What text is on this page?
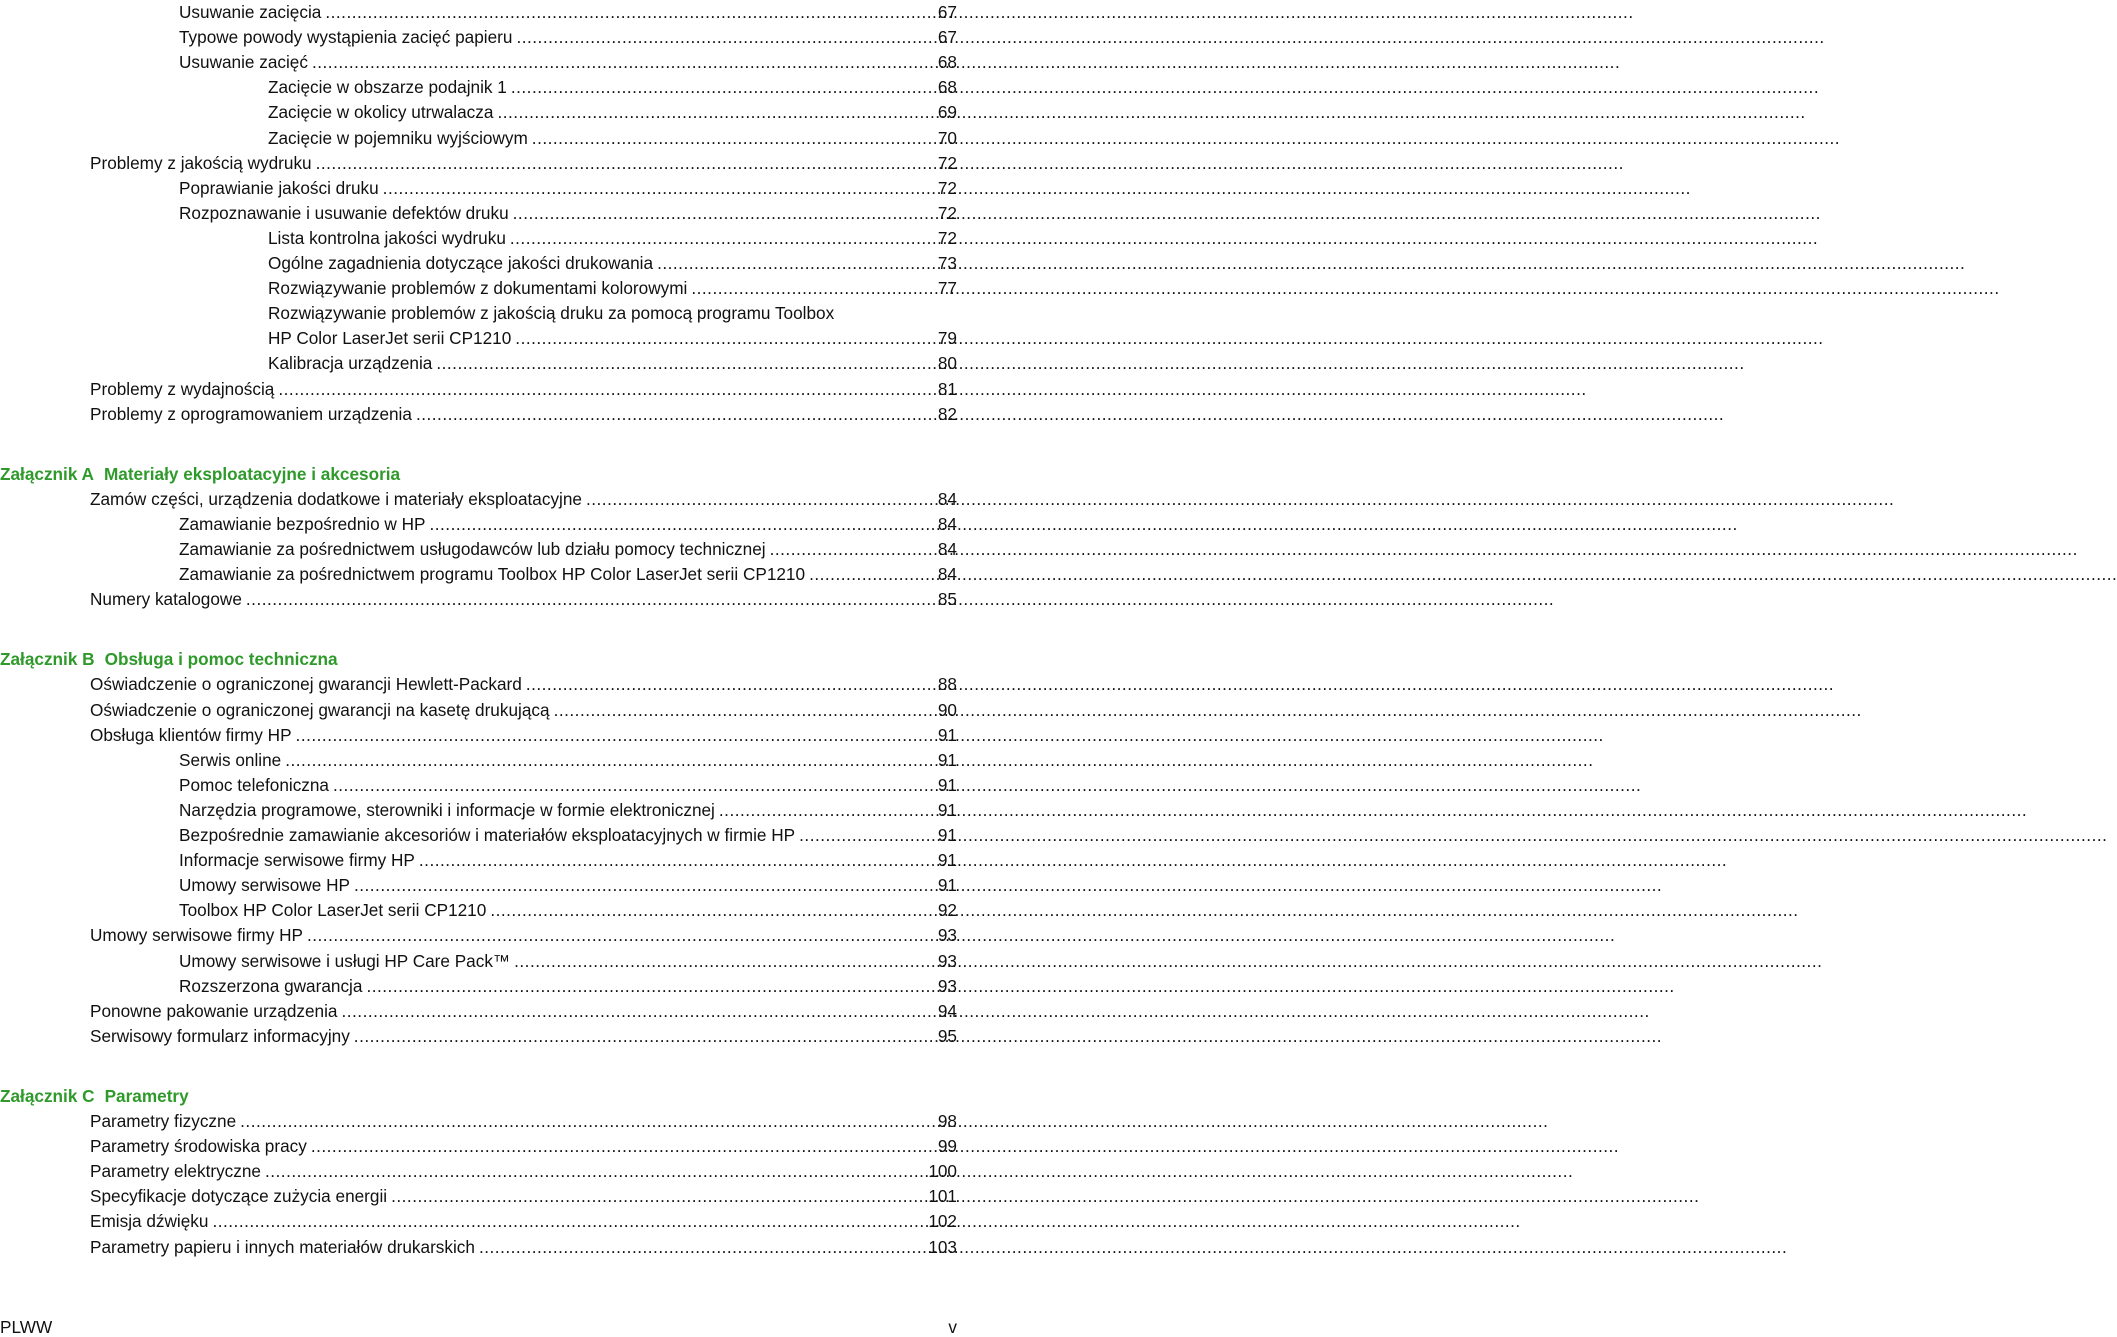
Usuwanie zacięcia .....	67
Typowe powody wystąpienia zacięć papieru .....	67
Usuwanie zacięć .....	68
Zacięcie w obszarze podajnik 1 .....	68
Zacięcie w okolicy utrwalacza .....	69
Zacięcie w pojemniku wyjściowym .....	70
Problemy z jakością wydruku .....	72
Poprawianie jakości druku .....	72
Rozpoznawanie i usuwanie defektów druku .....	72
Lista kontrolna jakości wydruku .....	72
Ogólne zagadnienia dotyczące jakości drukowania .....	73
Rozwiązywanie problemów z dokumentami kolorowymi .....	77
Rozwiązywanie problemów z jakością druku za pomocą programu Toolbox
HP Color LaserJet serii CP1210 .....	79
Kalibracja urządzenia .....	80
Problemy z wydajnością .....	81
Problemy z oprogramowaniem urządzenia .....	82
Załącznik A Materiały eksploatacyjne i akcesoria
Zamów części, urządzenia dodatkowe i materiały eksploatacyjne .....	84
Zamawianie bezpośrednio w HP .....	84
Zamawianie za pośrednictwem usługodawców lub działu pomocy technicznej .....	84
Zamawianie za pośrednictwem programu Toolbox HP Color LaserJet serii CP1210 .....	84
Numery katalogowe .....	85
Załącznik B Obsługa i pomoc techniczna
Oświadczenie o ograniczonej gwarancji Hewlett-Packard .....	88
Oświadczenie o ograniczonej gwarancji na kasetę drukującą .....	90
Obsługa klientów firmy HP .....	91
Serwis online .....	91
Pomoc telefoniczna .....	91
Narzędzia programowe, sterowniki i informacje w formie elektronicznej .....	91
Bezpośrednie zamawianie akcesoriów i materiałów eksploatacyjnych w firmie HP .....	91
Informacje serwisowe firmy HP .....	91
Umowy serwisowe HP .....	91
Toolbox HP Color LaserJet serii CP1210 .....	92
Umowy serwisowe firmy HP .....	93
Umowy serwisowe i usługi HP Care Pack™ .....	93
Rozszerzona gwarancja .....	93
Ponowne pakowanie urządzenia .....	94
Serwisowy formularz informacyjny .....	95
Załącznik C Parametry
Parametry fizyczne .....	98
Parametry środowiska pracy .....	99
Parametry elektryczne .....	100
Specyfikacje dotyczące zużycia energii .....	101
Emisja dźwięku .....	102
Parametry papieru i innych materiałów drukarskich .....	103
PLWW	v
